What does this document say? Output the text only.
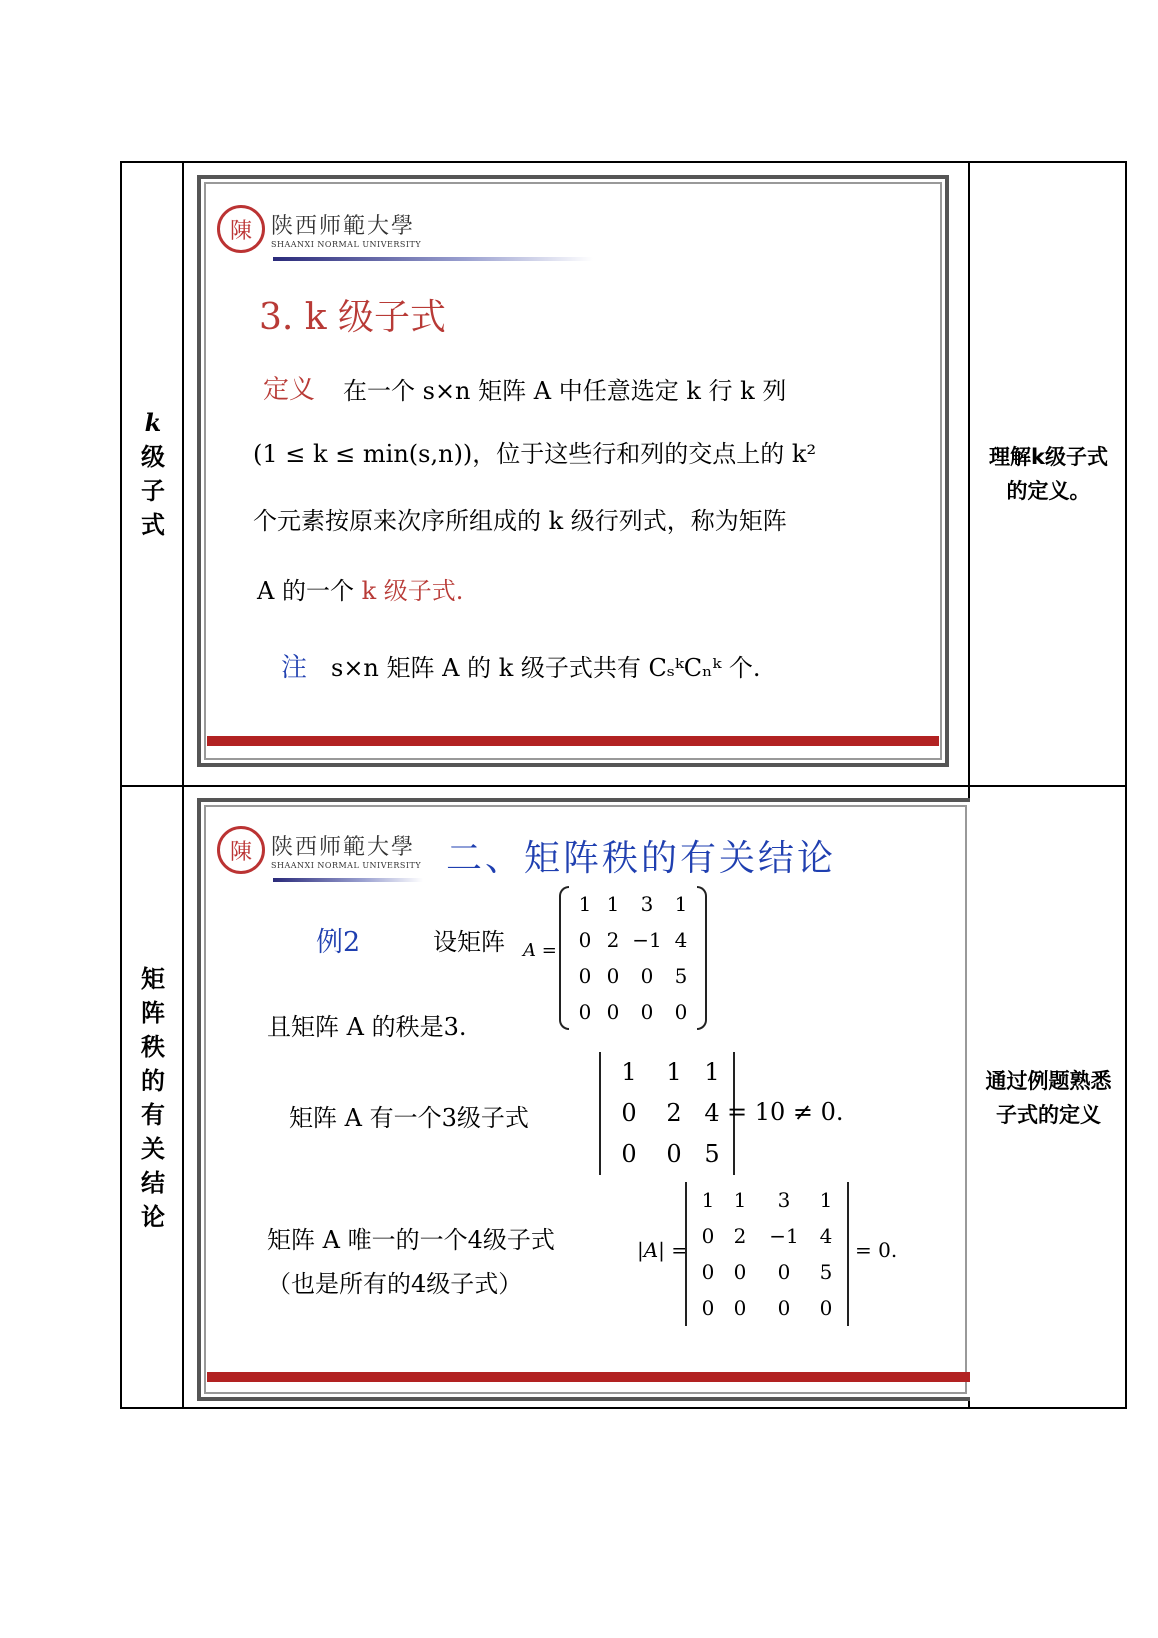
k
级
子
式
陳 陕西师範大學
SHAANXI NORMAL UNIVERSITY
3. k 级子式
定义 在一个 s×n 矩阵 A 中任意选定 k 行 k 列
(1 ≤ k ≤ min(s,n))，位于这些行和列的交点上的 k²
个元素按原来次序所组成的 k 级行列式，称为矩阵
A 的一个 k 级子式.
注 s×n 矩阵 A 的 k 级子式共有 CₛᵏCₙᵏ 个.
理解k级子式的定义。
矩
阵
秩
的
有
关
结
论
陳 陕西师範大學
SHAANXI NORMAL UNIVERSITY 二、矩阵秩的有关结论
例2	设矩阵 A =
1 1	3	1
0 2 −1 4
0 0	0	5
0 0	0	0
且矩阵 A 的秩是3.
矩阵 A 有一个3级子式
1	1 1
0	2 4
0	0 5
= 10 ≠ 0.
矩阵 A 唯一的一个4级子式
（也是所有的4级子式）
|A| =
1 1	3	1
0 2	−1	4
0 0	0	5
0 0	0	0
= 0.
通过例题熟悉子式的定义
